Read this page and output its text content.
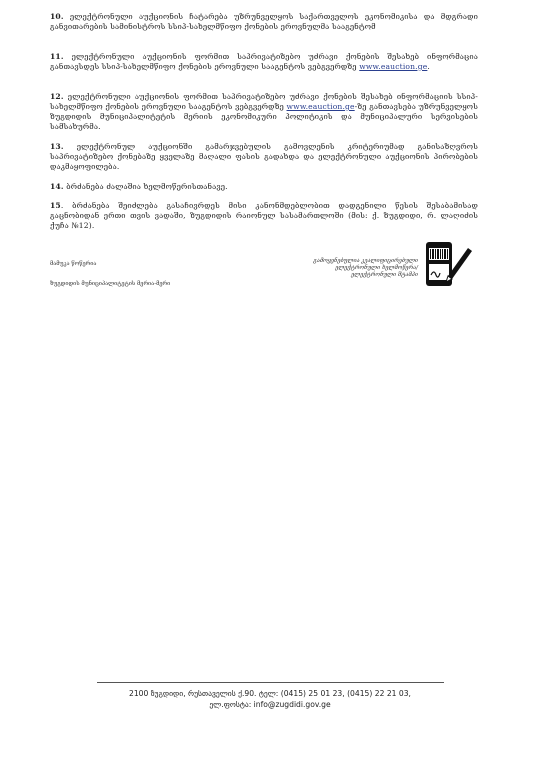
10. ელექტრონული აუქციონის ჩატარება უზრუნველყოს საქართველოს ეკონომიკისა და მდგრადი განვითარების სამინისტროს სსიპ-სახელმწიფო ქონების ეროვნულმა სააგენტომ
11. ელექტრონული აუქციონის ფორმით საპრივატიზებო უძრავი ქონების შესახებ ინფორმაცია განთავსდეს სსიპ-სახელმწიფო ქონების ეროვნული სააგენტოს ვებგვერდზე www.eauction.ge.
12. ელექტრონული აუქციონის ფორმით საპრივატიზებო უძრავი ქონების შესახებ ინფორმაციის სსიპ-სახელმწიფო ქონების ეროვნული სააგენტოს ვებგვერდზე www.eauction.ge-ზე განთავსება უზრუნველყოს ზუგდიდის მუნიციპალიტეტის მერიის ეკონომიკური პოლიტიკის და მუნიციპალური სერვისების სამსახურმა.
13. ელექტრონულ აუქციონში გამარჯვებულის გამოვლენის კრიტერიუმად განისაზღვროს საპრივატიზებო ქონებაზე ყველაზე მაღალი ფასის გადახდა და ელექტრონული აუქციონის პირობების დაკმაყოფილება.
14. ბრძანება ძალაშია ხელმოწერისთანავე.
15. ბრძანება შეიძლება გასაჩივრდეს მისი კანონმდებლობით დადგენილი წესის შესაბამისად გაცნობიდან ერთი თვის ვადაში, ზუგდიდის რაიონულ სასამართლოში (მის: ქ. ზუგდიდი, რ. ლაღიძის ქუჩა №12).
მამუკა წოწერია
ზუგდიდის მუნიციპალიტეტის მერია-მერი
გამოყენებულია კვალიფიცირებული ელექტრონული ხელმოწერა/ელექტრონული შტამპი
2100 ზუგდიდი, რუსთაველის ქ.90. ტელ: (0415) 25 01 23, (0415) 22 21 03,
ელ.ფოსტა: info@zugdidi.gov.ge
